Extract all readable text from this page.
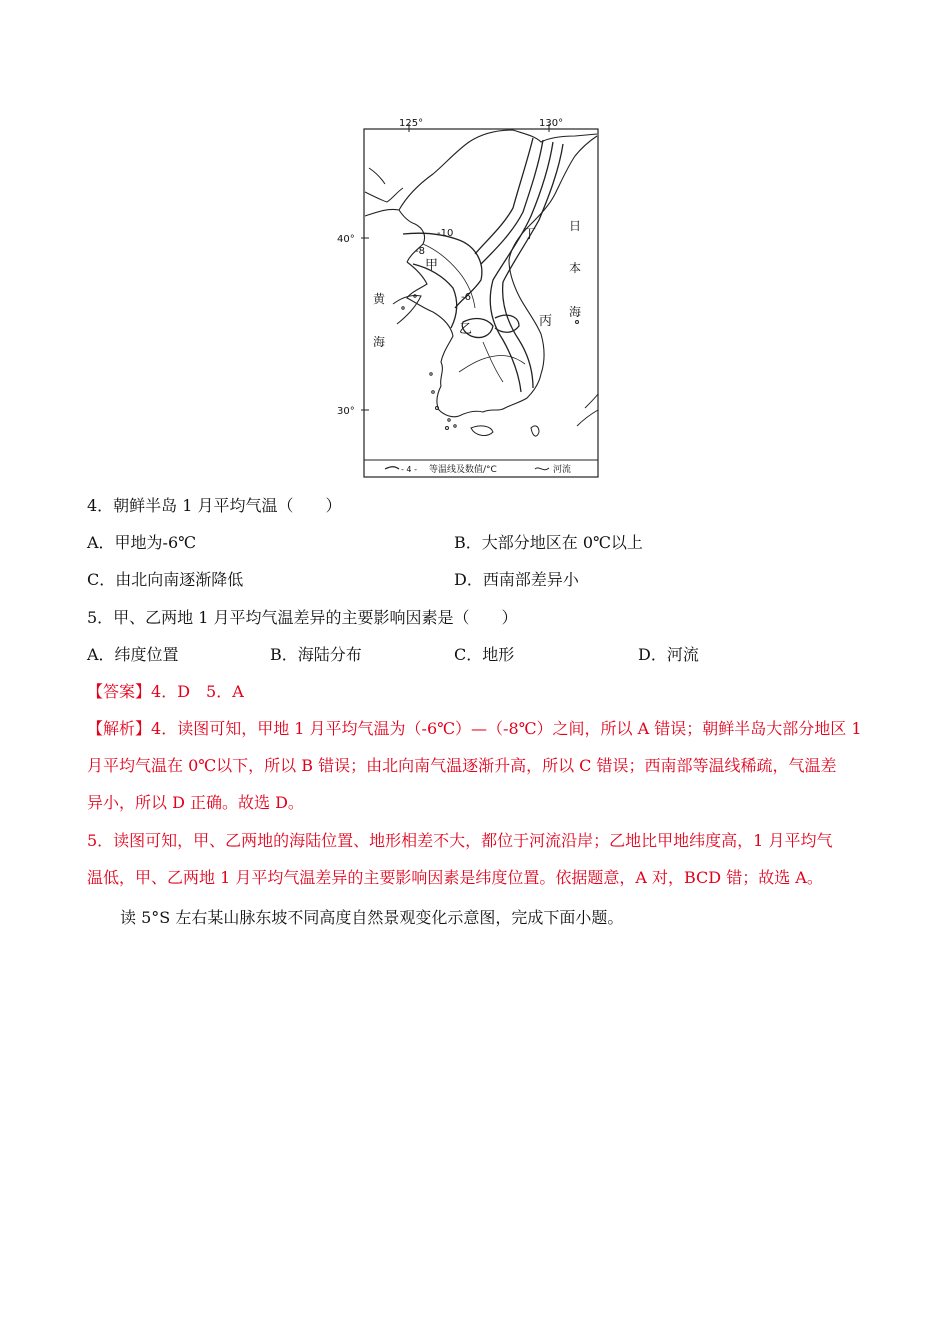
125°	130°
40°
30°
-10
-8
-6
甲
乙
丙
丁
黄
海
日
本
海
- 4 - 等温线及数值/°C	河流
4．朝鲜半岛 1 月平均气温（　　）
A．甲地为-6℃	B．大部分地区在 0℃以上
C．由北向南逐渐降低	D．西南部差异小
5．甲、乙两地 1 月平均气温差异的主要影响因素是（　　）
A．纬度位置	B．海陆分布	C．地形	D．河流
【答案】4．D　5．A
【解析】4．读图可知，甲地 1 月平均气温为（-6℃）—（-8℃）之间，所以 A 错误；朝鲜半岛大部分地区 1
月平均气温在 0℃以下，所以 B 错误；由北向南气温逐渐升高，所以 C 错误；西南部等温线稀疏，气温差
异小，所以 D 正确。故选 D。
5．读图可知，甲、乙两地的海陆位置、地形相差不大，都位于河流沿岸；乙地比甲地纬度高，1 月平均气
温低，甲、乙两地 1 月平均气温差异的主要影响因素是纬度位置。依据题意，A 对，BCD 错；故选 A。
读 5°S 左右某山脉东坡不同高度自然景观变化示意图，完成下面小题。
